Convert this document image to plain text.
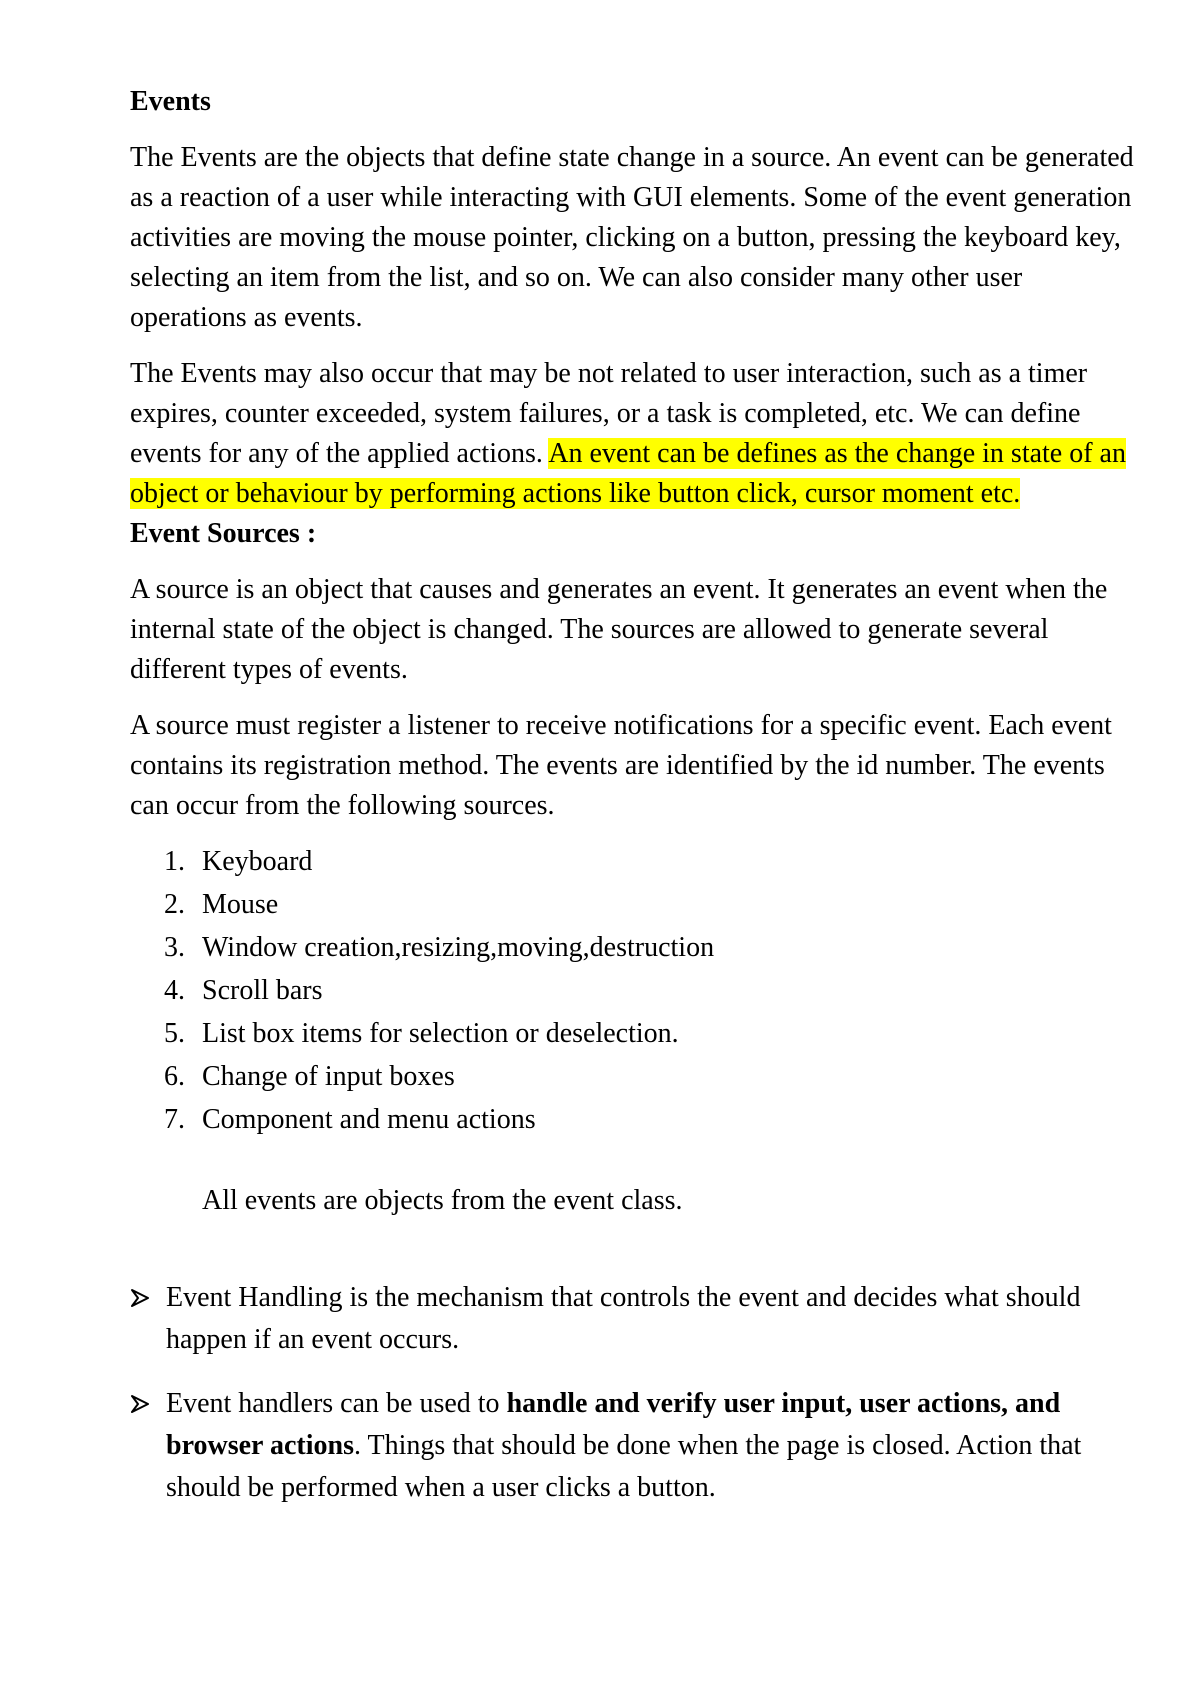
Events

The Events are the objects that define state change in a source. An event can be generated as a reaction of a user while interacting with GUI elements. Some of the event generation activities are moving the mouse pointer, clicking on a button, pressing the keyboard key, selecting an item from the list, and so on. We can also consider many other user operations as events.

The Events may also occur that may be not related to user interaction, such as a timer expires, counter exceeded, system failures, or a task is completed, etc. We can define events for any of the applied actions. An event can be defines as the change in state of an object or behaviour by performing actions like button click, cursor moment etc.

Event Sources :

A source is an object that causes and generates an event. It generates an event when the internal state of the object is changed. The sources are allowed to generate several different types of events.

A source must register a listener to receive notifications for a specific event. Each event contains its registration method. The events are identified by the id number. The events can occur from the following sources.

1. Keyboard
2. Mouse
3. Window creation,resizing,moving,destruction
4. Scroll bars
5. List box items for selection or deselection.
6. Change of input boxes
7. Component and menu actions

All events are objects from the event class.

Event Handling is the mechanism that controls the event and decides what should happen if an event occurs.
Event handlers can be used to handle and verify user input, user actions, and browser actions. Things that should be done when the page is closed. Action that should be performed when a user clicks a button.
